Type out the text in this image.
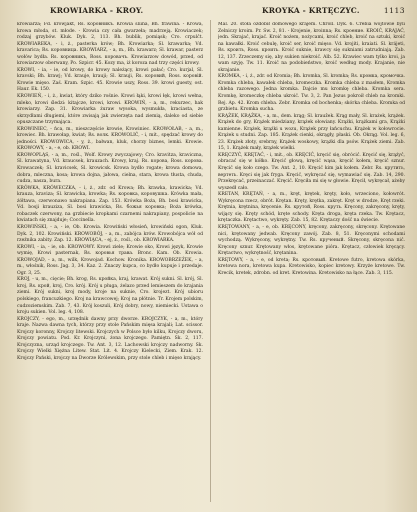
KROWIARKA - KROY.	KROYKA - KRTĘCZYC.	1113

krowiarza; Fd. krowjakt, Rs. коровникъ. Krowia śliina, Bh. frawina. - Krowa, krowa młoda, st. młode. - Krowia czy cała gwarzeła; madrzeją. Krowiaczek; rodzaj grzybów. Kluk. Dyk. 2, 113. Bh. bublik, pomiąsk; Cro. crpulćt. KROWIAREKA, - i, ż., pasterka krów; Bh. Krowiarka; Sl. krawarka; Vd. kravarica; Rs. коровница. KROWIARZ, - a, m., Bh. krawarz; Sl. krawar, pasterz wołów bydła. Rs. коровникъ, Ross. коровачъ. Krowiarzow dowód, przed, od krowiarzow oberwany, Po. Szpicr. 45. Kozy ma, iż koroza nad trzy części krowy.

KROWI, - ia, - ie, od krowy, do krowy należący, krowi pałać; Cro. kurjal, Sl. kravski; Bh. krawj; Vd. krauje, krauji; Sl. krauji, Rs. коровий, Ross. коровій. Krowie mięso. Zaś. Kram. Szpic. 45. Krowie uszy, Ross. 39. krowi guesty, ost. Haur. Ek. 150.

KROWIEŃ, - i, ż., kwiat, który dziko rośnie. Krowi łąki, krowi łęk, krowi wełna, mleko, krowi śledzi: kitajcze, krowi, krowi. KROWIŃ, - a, m., rekurzec, hak krowiarzy. Zap. 31. Krowiarka żuraw wysoka, wysmukła, kraciasta, ze skrzydłami długiemi, które zwisają jak zwierzęta nad ziemią, daleko od siebie opuszczane trzymająca.

KROWINIEC, - ńca, m., nieszczęście krowie, Krowiniec. KROWOŁAB, - a, m., krowiec. Bh. krawołap, kwiat; Rs. волк. KROWOLIĆ, - i, mit., spędzać krowy do jedności. KROWOWICA, - y, ż., bałwan, kluk, chorzy biznes, lemki. Krowie. KROWOWY, - a, - e, ob. KROWI.

KROWOPLĄS, - a, m., rośl., Wolf. Krowy zwyczajowy; Cro. kravitza, kraviczna, Sl. krawatyna, Vd. kraucsek, krauzach. Krowy, kraj. Rs. корова, Ross. корова. Krowaczek; Sl. kravicsek, Sl. krowicsk. Krowa bydło rogate; krowa domowa, dobra, mleczna, kosa; krowa dojna, jałowa, cielna, stara, krowa tłusta, chuda, cudza, nasza, bura.

KRÓWKA, KRÓWECZKA, - i, ż., zdr. od Krowa; Bh. krawka, krawicka; Vd. krauza, kraviza; Sl. krawicka, krowka; Rs. коровка, коровушка. Krówka mała, żółtawa, czerwonawo nakrapiana. Zap. 153. Krówka Boża, Bh. bosi krawicka, Vd. bosji krauziza, Sl. bosi krawicka, Rs. божья коровка; Boża krówka, robaczek czerwony, na grzbiecie kropkami czarnemi nakrapiany, pospolicie na kwiatach się znajduje; Coccinella.

KROWIŃSKI, - a, - ie, Ob. Krowia. Krowiński włosień, krowiński ogon, Kluk. Dyk. 2, 102. Krowiński. KROWOBÓJ, - a, m., zabójca krów. Krowobójca wół od rzeźnika zabity. Zap. 12. KROWIĄCA, - ej, ż., rośl., ob. KROWIARKA.

KROWI, - ia, - ie, ob. KROWOWY. Krowi ziele; Krowie oko, Krowi język, Krowie wymię, Krowi pasternak, Rs. коровья трава. Bronc. Kam. Ob. Krowia. KROWOJAD, - a, m., wilk, Krowojad. Kochow. Kronika. KROWOBRZEŻEK, - a, m., włośnik, Ross. Jag. 3, 34. Kaz. 2. Znaczy kupca, co bydło kupuje i przedaje. Ogr. 3, 25.

KROJ, - u, m., cięcie; Bh. krog, Rs. кройка, kraj, krawat. Krój sukni. Sl. krój, Sl. kroj, Rs. крой, kroj, Cro. krój. Krój u pługa, żelazo przed lemieszem do krajania ziemi. Krój sukni, kroj mody, kroje na suknie, Cro. krojezt. Krój ubioru polskiego, francuzkiego. Kroj na krawcowej; Kroj na płótnie. Tr. Krojem polskim, cudzoziemskim. Zab. 7, 43. Krój koszuli, Krój dobry, nowy, niemiecki. Ustawa o kroju sukien. Vol. leg. 4, 108.

KROJCZY, - ego, m., urzędnik dawny przy dworze. KROJCZYK, - a, m., który kraje. Nazwa dawna tych, którzy przy stole Pańskim mięsa krajali; Lat. scissor. Krojczy koronny, Krojczy litewski. Krojczych w Polsce było kilku, Krojczy dworu, Krojczy powiatu. Pod. Kr. Krojczyni, żona krojczego. Pamiętn. Sk. 2, 117. Krojczyzna, urząd krojczego. Tw. Ant. 3, 12. Lachowski krojczy nadworny. Sk. Krojczy Wielki Xiężna Litew. Stat. Lit. 4. Krojczy Kielecki, Ziem. Krak. 12. Krojczy Pański, krojczy na Dworze Królewskim, przy stole chleb i mięso krający.

Mal. 20. stóła ozdobił domowego krajem. Chroll. Dyk. 6. Crebia wójtowie byli Zelniczy kroim. Pr. Sw. 2, 81. - Krojenie, kroinna; Rs. кроение. KROIĆ, KRAJAĆ, jedn. Skrajać, krajać. Kroić nożem, nożycami, kroić chleb, kroić na sztuki, kroić na kawałki. Kroić cebulę, kroić ser, kroić mięso. Vd. krojiti, kraiati. Sl. krájeti, Rs. кроить, Ross. кроить. Kroić suknie, krawcy się sukniami zatrudniają. Zab. 12, 137. Zrzeczemy się, aby sukien niekroić. Alb. 52. Krawiec wam tylko kroi, ja wam szyję. Tw. 11. Kroić na podobieństwo, kroić według mody. Krajanie, nie skrajanie.

KROMKA, - i, ż., zdr. od Kromia; Bh. kromka, Sl. kromka; Rs. кромка, кромочка. Kromka chleba, kawałek chleba, kromeczka. Kromka chleba z masłem, Kromka chleba razowego. Jedna kromka. Dajcie mu kromkę chleba. Kromka sera. Kromkę, kromeczkę chleba ukroić. Tw. 3, 2. Pan Jezus pokroił chleb na kromki. Rej. Ap. 42. Krom chleba. Zebr. Kromka od bochenka; skórka chleba. Kromka od grzbietu. Kromka sucha.

KRĄŻEK, KRĄŻKA, - a, m., dem. krąg; Sl. kraužek. Krąg mały, Sl. krażek, krążek. Krążek do gry, Krążek miedziany, krążek ołowiany. Krążki, krążkami gra, Krążki kamienne. Krążek, krążki u wozu, Krążek przy łańcuchu. Krążek w kołowrocie. Krążek u studni. Zap. 185. Krążek cienki, okrągły, płaski. Ob. Okrąg. Vol. leg. 6, 23. Krążek złoty, srebrny, Krążek woskowy, krążki dla psów. Krążek ziemi. Zab. 15, 1. Krążek mały, krążek wielki.

KRĘCZYĆ, KRĘTAĆ, - i, mit., ob. KRĘCIĆ, kręcić się, obrócić. Kręcić się, krążyć, obracać się w kółko. Kręcić głową, kręcić wąsa, kręcić kołem, kręcić sznur. Kręcić się koło czego. Tw. Ant. 2, 10. Kręcić kim jak kołem. Zebr. Rs. крутить, вертеть. Kręci się jak fryga. Kręcić, wykręcać się, wymawiać się. Zab. 14, 290. Przekręcać, przeinaczać. Kręcić. Kręciła mi się w głowie. Kręcił, wykręcał, ażeby wyszedł cało.

KRETAN, KRĘTAŃ, - a, m., kręt, krętek, kręty, koło, wrzeciono, kołowrót. Wykręcona rzecz, obrót. Krętan. Kręty, krętka, zakręt. Kręt w drodze, Kręt rzeki. Krętnia, krętnina, kręcenie. Rs. крутой, Ross. круть. Kręcony, zakręcony, kręty, wijący się. Kręty schód, kręte schody. Kręta droga, kręta rzeka. Tw. Krętacz, krętaczka. Krętactwo, wykręty. Zab. 15, 82. Krętaczy dość na świecie.

KRĘTOWANY, - a, - e, ob. KRĘCONY, kręcony, zakręcony, skręcony. Krętowane nici, krętowany jedwab. Kręcony zawój. Zab. 8, 51. Kręconymi schodami wychodzą. Wykręcony, wykrętny. Tw. Rs. крученый. Skręcony, skręcona nić. Kręcony sznur. Krętowany włos, krętowane pióra. Krętacz, człowiek kręcący. Krętactwo, wykrętność, krętanina.

KRĘTOWY, - a, - e, od kreta; Rs. кротовый. Kretowe futro, kretowa skórka, kretowa nora, kretowa kupa. Kretowisko, kopiec kretowy. Krzyże kretowe. Tw. Krecik, kretek, zdrobn. od kret. Kretowina. Kretowisko na łące. Zab. 3, 115.
